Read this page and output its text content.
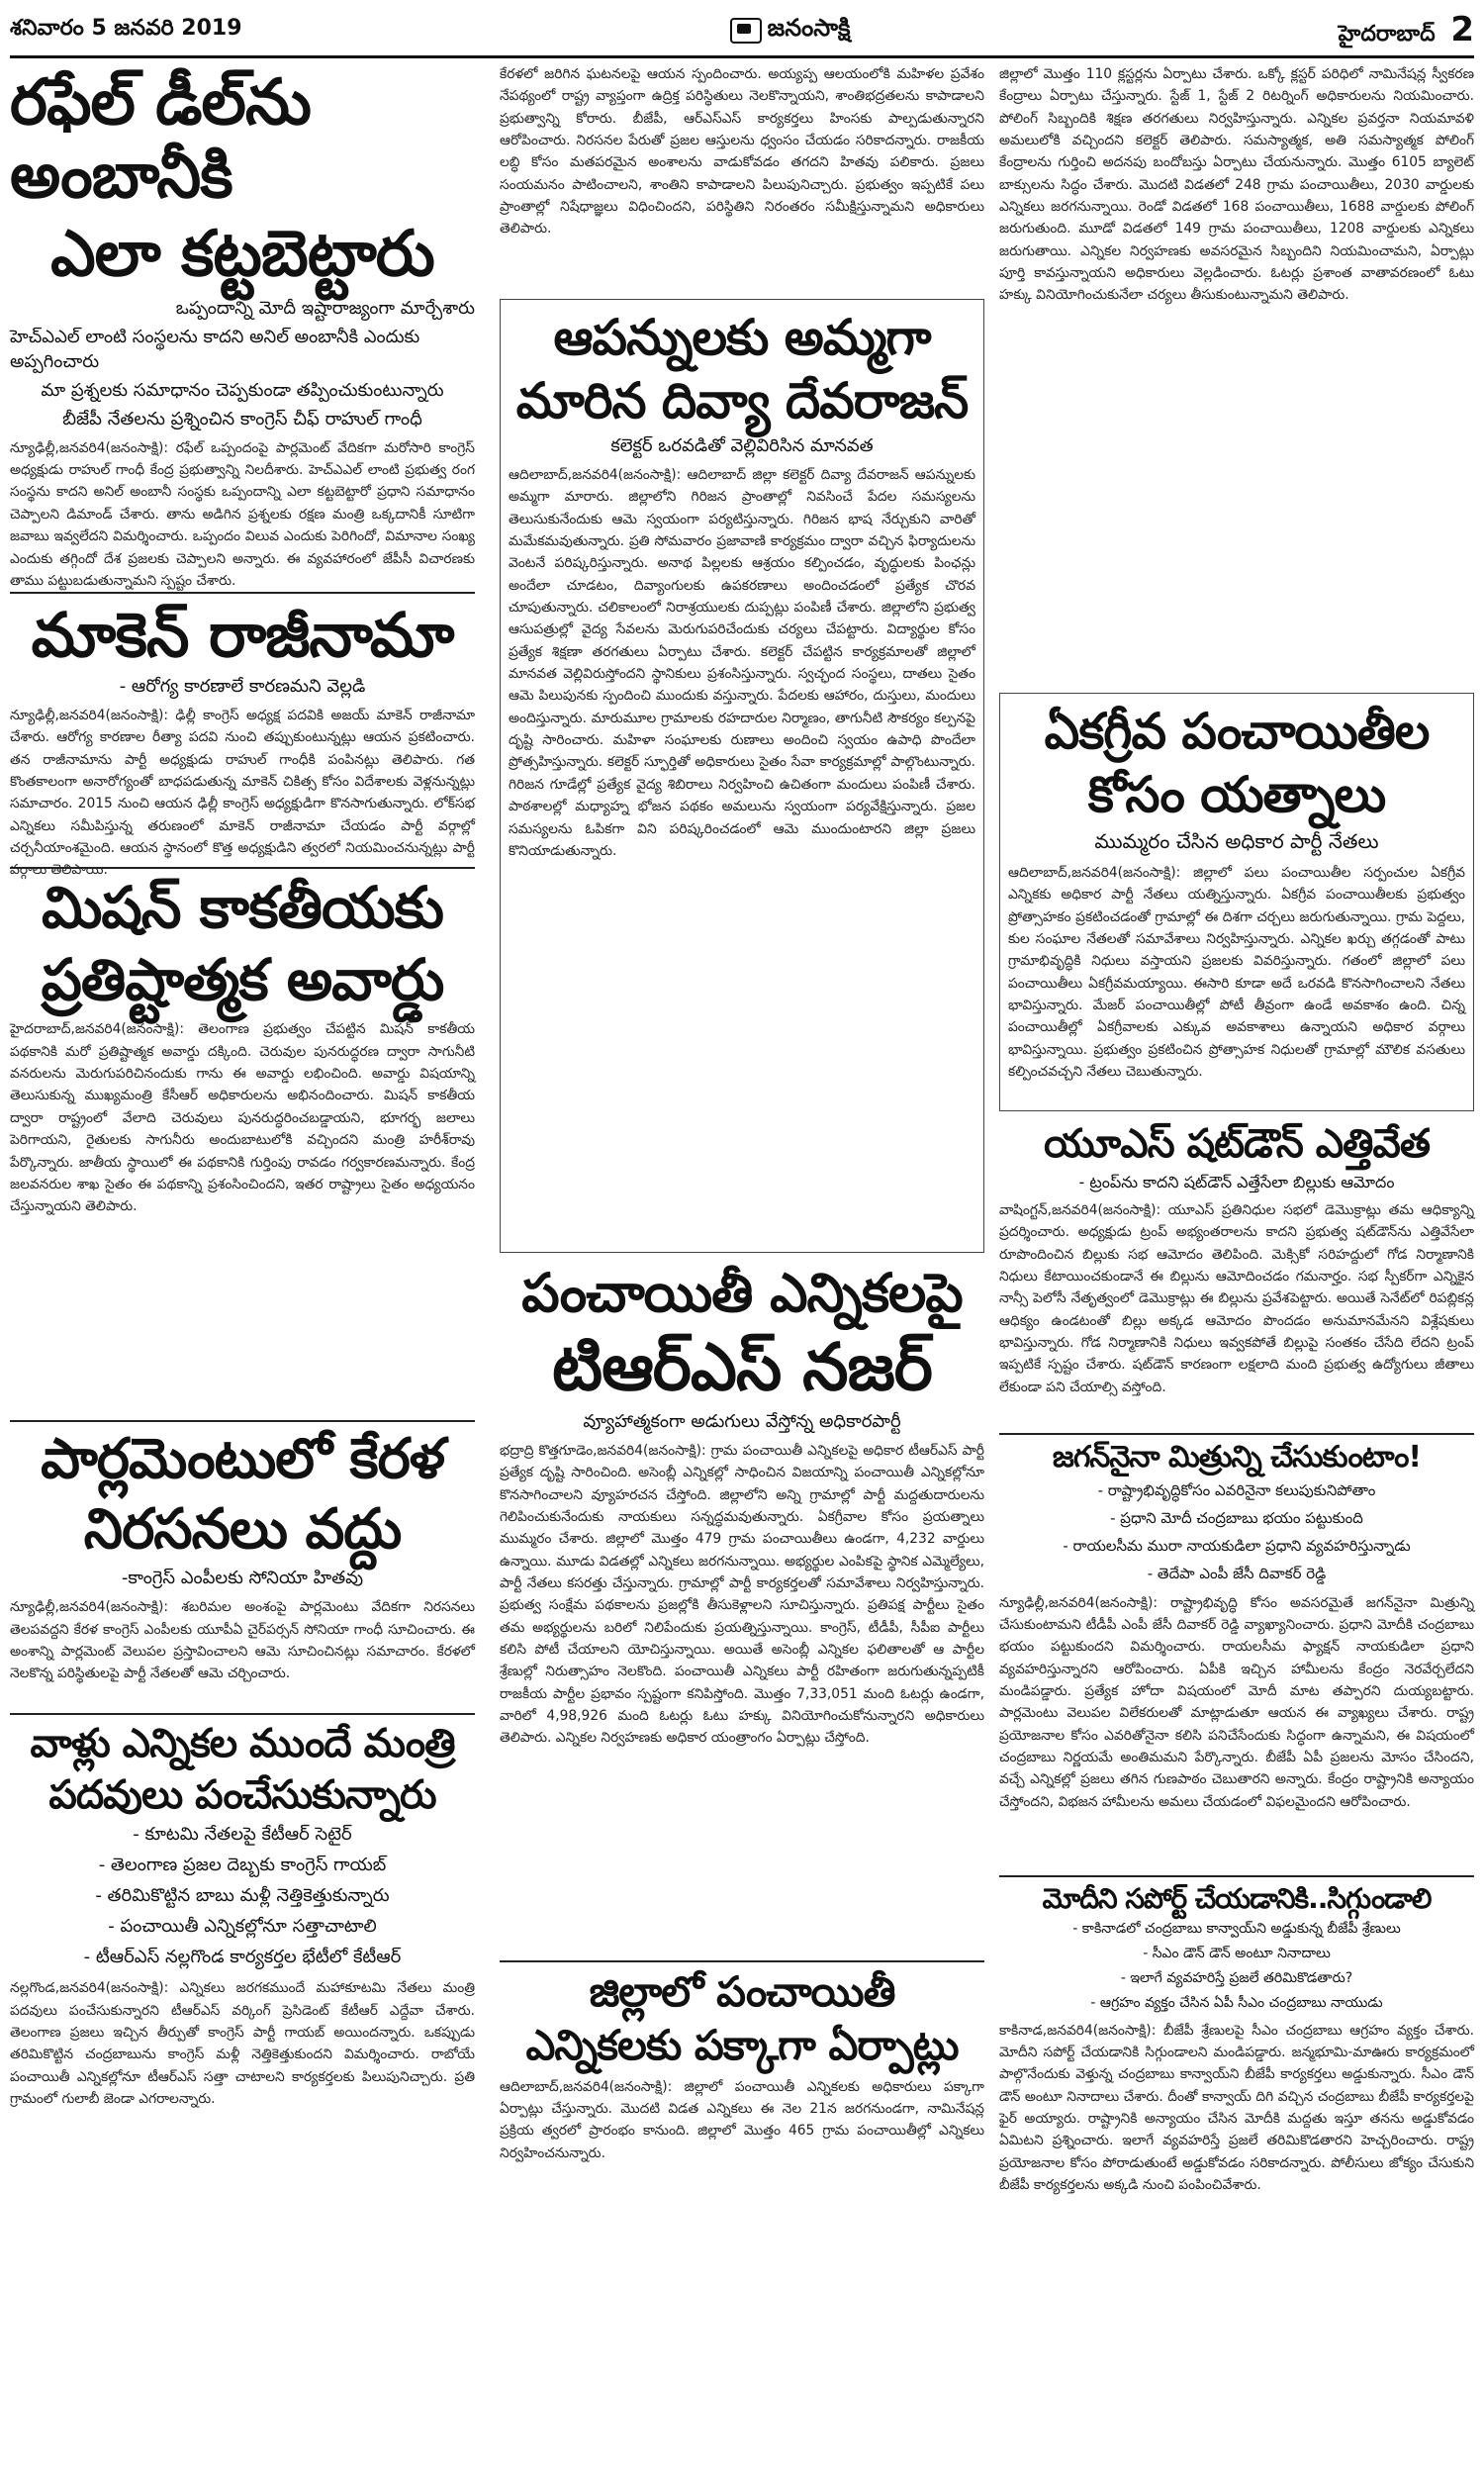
శనివారం 5 జనవరి 2019	జనంసాక్షి	హైదరాబాద్ 2
రఫేల్ డీల్‌ను అంబానీకి
ఎలా కట్టబెట్టారు
ఒప్పందాన్ని మోదీ ఇష్టారాజ్యంగా మార్చేశారు
హెచ్ఎఎల్ లాంటి సంస్థలను కాదని అనిల్ అంబానీకి ఎందుకు అప్పగించారు
మా ప్రశ్నలకు సమాధానం చెప్పకుండా తప్పించుకుంటున్నారు
బీజేపీ నేతలను ప్రశ్నించిన కాంగ్రెస్ చీఫ్ రాహుల్ గాంధీ

న్యూఢిల్లీ,జనవరి4(జనంసాక్షి): రఫేల్ ఒప్పందంపై పార్లమెంట్ వేదికగా మరోసారి కాంగ్రెస్ అధ్యక్షుడు రాహుల్ గాంధీ కేంద్ర ప్రభుత్వాన్ని నిలదీశారు. హెచ్ఎఎల్ లాంటి ప్రభుత్వ రంగ సంస్థను కాదని అనిల్ అంబానీ సంస్థకు ఒప్పందాన్ని ఎలా కట్టబెట్టారో ప్రధాని సమాధానం చెప్పాలని డిమాండ్ చేశారు. తాను అడిగిన ప్రశ్నలకు రక్షణ మంత్రి ఒక్కదానికీ సూటిగా జవాబు ఇవ్వలేదని విమర్శించారు. ఒప్పందం విలువ ఎందుకు పెరిగిందో, విమానాల సంఖ్య ఎందుకు తగ్గిందో దేశ ప్రజలకు చెప్పాలని అన్నారు. ఈ వ్యవహారంలో జేపీసీ విచారణకు తాము పట్టుబడుతున్నామని స్పష్టం చేశారు.

మాకెన్ రాజీనామా
- ఆరోగ్య కారణాలే కారణమని వెల్లడి

న్యూఢిల్లీ,జనవరి4(జనంసాక్షి): ఢిల్లీ కాంగ్రెస్ అధ్యక్ష పదవికి అజయ్ మాకెన్ రాజీనామా చేశారు. ఆరోగ్య కారణాల రీత్యా పదవి నుంచి తప్పుకుంటున్నట్లు ఆయన ప్రకటించారు. తన రాజీనామాను పార్టీ అధ్యక్షుడు రాహుల్ గాంధీకి పంపినట్లు తెలిపారు. గత కొంతకాలంగా అనారోగ్యంతో బాధపడుతున్న మాకెన్ చికిత్స కోసం విదేశాలకు వెళ్లనున్నట్లు సమాచారం. 2015 నుంచి ఆయన ఢిల్లీ కాంగ్రెస్ అధ్యక్షుడిగా కొనసాగుతున్నారు. లోక్‌సభ ఎన్నికలు సమీపిస్తున్న తరుణంలో మాకెన్ రాజీనామా చేయడం పార్టీ వర్గాల్లో చర్చనీయాంశమైంది. ఆయన స్థానంలో కొత్త అధ్యక్షుడిని త్వరలో నియమించనున్నట్లు పార్టీ వర్గాలు తెలిపాయి.

మిషన్ కాకతీయకు
ప్రతిష్టాత్మక అవార్డు

హైదరాబాద్,జనవరి4(జనంసాక్షి): తెలంగాణ ప్రభుత్వం చేపట్టిన మిషన్ కాకతీయ పథకానికి మరో ప్రతిష్టాత్మక అవార్డు దక్కింది. చెరువుల పునరుద్ధరణ ద్వారా సాగునీటి వనరులను మెరుగుపరిచినందుకు గాను ఈ అవార్డు లభించింది. అవార్డు విషయాన్ని తెలుసుకున్న ముఖ్యమంత్రి కేసీఆర్ అధికారులను అభినందించారు. మిషన్ కాకతీయ ద్వారా రాష్ట్రంలో వేలాది చెరువులు పునరుద్ధరించబడ్డాయని, భూగర్భ జలాలు పెరిగాయని, రైతులకు సాగునీరు అందుబాటులోకి వచ్చిందని మంత్రి హరీశ్‌రావు పేర్కొన్నారు. జాతీయ స్థాయిలో ఈ పథకానికి గుర్తింపు రావడం గర్వకారణమన్నారు. కేంద్ర జలవనరుల శాఖ సైతం ఈ పథకాన్ని ప్రశంసించిందని, ఇతర రాష్ట్రాలు సైతం అధ్యయనం చేస్తున్నాయని తెలిపారు.

పార్లమెంటులో కేరళ
నిరసనలు వద్దు
-కాంగ్రెస్ ఎంపీలకు సోనియా హితవు

న్యూఢిల్లీ,జనవరి4(జనంసాక్షి): శబరిమల అంశంపై పార్లమెంటు వేదికగా నిరసనలు తెలపవద్దని కేరళ కాంగ్రెస్ ఎంపీలకు యూపీఏ చైర్‌పర్సన్ సోనియా గాంధీ సూచించారు. ఈ అంశాన్ని పార్లమెంట్ వెలుపల ప్రస్తావించాలని ఆమె సూచించినట్లు సమాచారం. కేరళలో నెలకొన్న పరిస్థితులపై పార్టీ నేతలతో ఆమె చర్చించారు.

వాళ్లు ఎన్నికల ముందే మంత్రి
పదవులు పంచేసుకున్నారు
- కూటమి నేతలపై కేటీఆర్ సెటైర్
- తెలంగాణ ప్రజల దెబ్బకు కాంగ్రెస్ గాయబ్
- తరిమికొట్టిన బాబు మళ్లీ నెత్తికెత్తుకున్నారు
- పంచాయితీ ఎన్నికల్లోనూ సత్తాచాటాలి
- టీఆర్ఎస్ నల్లగొండ కార్యకర్తల భేటీలో కేటీఆర్

నల్లగొండ,జనవరి4(జనంసాక్షి): ఎన్నికలు జరగకముందే మహాకూటమి నేతలు మంత్రి పదవులు పంచేసుకున్నారని టీఆర్ఎస్ వర్కింగ్ ప్రెసిడెంట్ కేటీఆర్ ఎద్దేవా చేశారు. తెలంగాణ ప్రజలు ఇచ్చిన తీర్పుతో కాంగ్రెస్ పార్టీ గాయబ్ అయిందన్నారు. ఒకప్పుడు తరిమికొట్టిన చంద్రబాబును కాంగ్రెస్ మళ్లీ నెత్తికెత్తుకుందని విమర్శించారు. రాబోయే పంచాయితీ ఎన్నికల్లోనూ టీఆర్ఎస్ సత్తా చాటాలని కార్యకర్తలకు పిలుపునిచ్చారు. ప్రతి గ్రామంలో గులాబీ జెండా ఎగరాలన్నారు.

కేరళలో జరిగిన ఘటనలపై ఆయన స్పందించారు. అయ్యప్ప ఆలయంలోకి మహిళల ప్రవేశం నేపథ్యంలో రాష్ట్ర వ్యాప్తంగా ఉద్రిక్త పరిస్థితులు నెలకొన్నాయని, శాంతిభద్రతలను కాపాడాలని ప్రభుత్వాన్ని కోరారు. బీజేపీ, ఆర్ఎస్ఎస్ కార్యకర్తలు హింసకు పాల్పడుతున్నారని ఆరోపించారు. నిరసనల పేరుతో ప్రజల ఆస్తులను ధ్వంసం చేయడం సరికాదన్నారు. రాజకీయ లబ్ధి కోసం మతపరమైన అంశాలను వాడుకోవడం తగదని హితవు పలికారు. ప్రజలు సంయమనం పాటించాలని, శాంతిని కాపాడాలని పిలుపునిచ్చారు. ప్రభుత్వం ఇప్పటికే పలు ప్రాంతాల్లో నిషేధాజ్ఞలు విధించిందని, పరిస్థితిని నిరంతరం సమీక్షిస్తున్నామని అధికారులు తెలిపారు.

ఆపన్నులకు అమ్మగా
మారిన దివ్యా దేవరాజన్
కలెక్టర్ ఒరవడితో వెల్లివిరిసిన మానవత

ఆదిలాబాద్,జనవరి4(జనంసాక్షి): ఆదిలాబాద్ జిల్లా కలెక్టర్ దివ్యా దేవరాజన్ ఆపన్నులకు అమ్మగా మారారు. జిల్లాలోని గిరిజన ప్రాంతాల్లో నివసించే పేదల సమస్యలను తెలుసుకునేందుకు ఆమె స్వయంగా పర్యటిస్తున్నారు. గిరిజన భాష నేర్చుకుని వారితో మమేకమవుతున్నారు. ప్రతి సోమవారం ప్రజావాణి కార్యక్రమం ద్వారా వచ్చిన ఫిర్యాదులను వెంటనే పరిష్కరిస్తున్నారు. అనాథ పిల్లలకు ఆశ్రయం కల్పించడం, వృద్ధులకు పింఛన్లు అందేలా చూడటం, దివ్యాంగులకు ఉపకరణాలు అందించడంలో ప్రత్యేక చొరవ చూపుతున్నారు. చలికాలంలో నిరాశ్రయులకు దుప్పట్లు పంపిణీ చేశారు. జిల్లాలోని ప్రభుత్వ ఆసుపత్రుల్లో వైద్య సేవలను మెరుగుపరిచేందుకు చర్యలు చేపట్టారు. విద్యార్థుల కోసం ప్రత్యేక శిక్షణా తరగతులు ఏర్పాటు చేశారు. కలెక్టర్ చేపట్టిన కార్యక్రమాలతో జిల్లాలో మానవత వెల్లివిరుస్తోందని స్థానికులు ప్రశంసిస్తున్నారు. స్వచ్ఛంద సంస్థలు, దాతలు సైతం ఆమె పిలుపునకు స్పందించి ముందుకు వస్తున్నారు. పేదలకు ఆహారం, దుస్తులు, మందులు అందిస్తున్నారు. మారుమూల గ్రామాలకు రహదారుల నిర్మాణం, తాగునీటి సౌకర్యం కల్పనపై దృష్టి సారించారు. మహిళా సంఘాలకు రుణాలు అందించి స్వయం ఉపాధి పొందేలా ప్రోత్సహిస్తున్నారు. కలెక్టర్ స్ఫూర్తితో అధికారులు సైతం సేవా కార్యక్రమాల్లో పాల్గొంటున్నారు. గిరిజన గూడేల్లో ప్రత్యేక వైద్య శిబిరాలు నిర్వహించి ఉచితంగా మందులు పంపిణీ చేశారు. పాఠశాలల్లో మధ్యాహ్న భోజన పథకం అమలును స్వయంగా పర్యవేక్షిస్తున్నారు. ప్రజల సమస్యలను ఓపికగా విని పరిష్కరించడంలో ఆమె ముందుంటారని జిల్లా ప్రజలు కొనియాడుతున్నారు.

పంచాయితీ ఎన్నికలపై
టిఆర్ఎస్ నజర్
వ్యూహాత్మకంగా అడుగులు వేస్తోన్న అధికారపార్టీ

భద్రాద్రి కొత్తగూడెం,జనవరి4(జనంసాక్షి): గ్రామ పంచాయితీ ఎన్నికలపై అధికార టీఆర్ఎస్ పార్టీ ప్రత్యేక దృష్టి సారించింది. అసెంబ్లీ ఎన్నికల్లో సాధించిన విజయాన్ని పంచాయితీ ఎన్నికల్లోనూ కొనసాగించాలని వ్యూహరచన చేస్తోంది. జిల్లాలోని అన్ని గ్రామాల్లో పార్టీ మద్దతుదారులను గెలిపించుకునేందుకు నాయకులు సన్నద్ధమవుతున్నారు. ఏకగ్రీవాల కోసం ప్రయత్నాలు ముమ్మరం చేశారు. జిల్లాలో మొత్తం 479 గ్రామ పంచాయితీలు ఉండగా, 4,232 వార్డులు ఉన్నాయి. మూడు విడతల్లో ఎన్నికలు జరగనున్నాయి. అభ్యర్థుల ఎంపికపై స్థానిక ఎమ్మెల్యేలు, పార్టీ నేతలు కసరత్తు చేస్తున్నారు. గ్రామాల్లో పార్టీ కార్యకర్తలతో సమావేశాలు నిర్వహిస్తున్నారు. ప్రభుత్వ సంక్షేమ పథకాలను ప్రజల్లోకి తీసుకెళ్లాలని సూచిస్తున్నారు. ప్రతిపక్ష పార్టీలు సైతం తమ అభ్యర్థులను బరిలో నిలిపేందుకు ప్రయత్నిస్తున్నాయి. కాంగ్రెస్, టీడీపీ, సీపీఐ పార్టీలు కలిసి పోటీ చేయాలని యోచిస్తున్నాయి. అయితే అసెంబ్లీ ఎన్నికల ఫలితాలతో ఆ పార్టీల శ్రేణుల్లో నిరుత్సాహం నెలకొంది. పంచాయితీ ఎన్నికలు పార్టీ రహితంగా జరుగుతున్నప్పటికీ రాజకీయ పార్టీల ప్రభావం స్పష్టంగా కనిపిస్తోంది. మొత్తం 7,33,051 మంది ఓటర్లు ఉండగా, వారిలో 4,98,926 మంది ఓటర్లు ఓటు హక్కు వినియోగించుకోనున్నారని అధికారులు తెలిపారు. ఎన్నికల నిర్వహణకు అధికార యంత్రాంగం ఏర్పాట్లు చేస్తోంది.

జిల్లాలో పంచాయితీ
ఎన్నికలకు పక్కాగా ఏర్పాట్లు

ఆదిలాబాద్,జనవరి4(జనంసాక్షి): జిల్లాలో పంచాయితీ ఎన్నికలకు అధికారులు పక్కాగా ఏర్పాట్లు చేస్తున్నారు. మొదటి విడత ఎన్నికలు ఈ నెల 21న జరగనుండగా, నామినేషన్ల ప్రక్రియ త్వరలో ప్రారంభం కానుంది. జిల్లాలో మొత్తం 465 గ్రామ పంచాయితీల్లో ఎన్నికలు నిర్వహించనున్నారు.

జిల్లాలో మొత్తం 110 క్లస్టర్లను ఏర్పాటు చేశారు. ఒక్కో క్లస్టర్ పరిధిలో నామినేషన్ల స్వీకరణ కేంద్రాలు ఏర్పాటు చేస్తున్నారు. స్టేజ్ 1, స్టేజ్ 2 రిటర్నింగ్ అధికారులను నియమించారు. పోలింగ్ సిబ్బందికి శిక్షణ తరగతులు నిర్వహిస్తున్నారు. ఎన్నికల ప్రవర్తనా నియమావళి అమలులోకి వచ్చిందని కలెక్టర్ తెలిపారు. సమస్యాత్మక, అతి సమస్యాత్మక పోలింగ్ కేంద్రాలను గుర్తించి అదనపు బందోబస్తు ఏర్పాటు చేయనున్నారు. మొత్తం 6105 బ్యాలెట్ బాక్సులను సిద్ధం చేశారు. మొదటి విడతలో 248 గ్రామ పంచాయితీలు, 2030 వార్డులకు ఎన్నికలు జరగనున్నాయి. రెండో విడతలో 168 పంచాయితీలు, 1688 వార్డులకు పోలింగ్ జరుగుతుంది. మూడో విడతలో 149 గ్రామ పంచాయితీలు, 1208 వార్డులకు ఎన్నికలు జరుగుతాయి. ఎన్నికల నిర్వహణకు అవసరమైన సిబ్బందిని నియమించామని, ఏర్పాట్లు పూర్తి కావస్తున్నాయని అధికారులు వెల్లడించారు. ఓటర్లు ప్రశాంత వాతావరణంలో ఓటు హక్కు వినియోగించుకునేలా చర్యలు తీసుకుంటున్నామని తెలిపారు.

ఏకగ్రీవ పంచాయితీల
కోసం యత్నాలు
ముమ్మరం చేసిన అధికార పార్టీ నేతలు

ఆదిలాబాద్,జనవరి4(జనంసాక్షి): జిల్లాలో పలు పంచాయితీల సర్పంచుల ఏకగ్రీవ ఎన్నికకు అధికార పార్టీ నేతలు యత్నిస్తున్నారు. ఏకగ్రీవ పంచాయితీలకు ప్రభుత్వం ప్రోత్సాహకం ప్రకటించడంతో గ్రామాల్లో ఈ దిశగా చర్చలు జరుగుతున్నాయి. గ్రామ పెద్దలు, కుల సంఘాల నేతలతో సమావేశాలు నిర్వహిస్తున్నారు. ఎన్నికల ఖర్చు తగ్గడంతో పాటు గ్రామాభివృద్ధికి నిధులు వస్తాయని ప్రజలకు వివరిస్తున్నారు. గతంలో జిల్లాలో పలు పంచాయితీలు ఏకగ్రీవమయ్యాయి. ఈసారి కూడా అదే ఒరవడి కొనసాగించాలని నేతలు భావిస్తున్నారు. మేజర్ పంచాయితీల్లో పోటీ తీవ్రంగా ఉండే అవకాశం ఉంది. చిన్న పంచాయితీల్లో ఏకగ్రీవాలకు ఎక్కువ అవకాశాలు ఉన్నాయని అధికార వర్గాలు భావిస్తున్నాయి. ప్రభుత్వం ప్రకటించిన ప్రోత్సాహక నిధులతో గ్రామాల్లో మౌలిక వసతులు కల్పించవచ్చని నేతలు చెబుతున్నారు.

యూఎస్ షట్‌డౌన్ ఎత్తివేత
- ట్రంప్‌ను కాదని షట్‌డౌన్ ఎత్తేసేలా బిల్లుకు ఆమోదం

వాషింగ్టన్,జనవరి4(జనంసాక్షి): యూఎస్ ప్రతినిధుల సభలో డెమొక్రాట్లు తమ ఆధిక్యాన్ని ప్రదర్శించారు. అధ్యక్షుడు ట్రంప్ అభ్యంతరాలను కాదని ప్రభుత్వ షట్‌డౌన్‌ను ఎత్తివేసేలా రూపొందించిన బిల్లుకు సభ ఆమోదం తెలిపింది. మెక్సికో సరిహద్దులో గోడ నిర్మాణానికి నిధులు కేటాయించకుండానే ఈ బిల్లును ఆమోదించడం గమనార్హం. సభ స్పీకర్‌గా ఎన్నికైన నాన్సీ పెలోసీ నేతృత్వంలో డెమొక్రాట్లు ఈ బిల్లును ప్రవేశపెట్టారు. అయితే సెనేట్‌లో రిపబ్లికన్ల ఆధిక్యం ఉండటంతో బిల్లు అక్కడ ఆమోదం పొందడం అనుమానమేనని విశ్లేషకులు భావిస్తున్నారు. గోడ నిర్మాణానికి నిధులు ఇవ్వకపోతే బిల్లుపై సంతకం చేసేది లేదని ట్రంప్ ఇప్పటికే స్పష్టం చేశారు. షట్‌డౌన్ కారణంగా లక్షలాది మంది ప్రభుత్వ ఉద్యోగులు జీతాలు లేకుండా పని చేయాల్సి వస్తోంది.

జగన్‌నైనా మిత్రున్ని చేసుకుంటాం!
- రాష్ట్రాభివృద్ధికోసం ఎవరినైనా కలుపుకునిపోతాం
- ప్రధాని మోదీ చంద్రబాబు భయం పట్టుకుంది
- రాయలసీమ మురా నాయకుడిలా ప్రధాని వ్యవహరిస్తున్నాడు
- తెదేపా ఎంపీ జేసీ దివాకర్ రెడ్డి

న్యూఢిల్లీ,జనవరి4(జనంసాక్షి): రాష్ట్రాభివృద్ధి కోసం అవసరమైతే జగన్‌నైనా మిత్రున్ని చేసుకుంటామని టీడీపీ ఎంపీ జేసీ దివాకర్ రెడ్డి వ్యాఖ్యానించారు. ప్రధాని మోదీకి చంద్రబాబు భయం పట్టుకుందని విమర్శించారు. రాయలసీమ ఫ్యాక్షన్ నాయకుడిలా ప్రధాని వ్యవహరిస్తున్నారని ఆరోపించారు. ఏపీకి ఇచ్చిన హామీలను కేంద్రం నెరవేర్చలేదని మండిపడ్డారు. ప్రత్యేక హోదా విషయంలో మోదీ మాట తప్పారని దుయ్యబట్టారు. పార్లమెంటు వెలుపల విలేకరులతో మాట్లాడుతూ ఆయన ఈ వ్యాఖ్యలు చేశారు. రాష్ట్ర ప్రయోజనాల కోసం ఎవరితోనైనా కలిసి పనిచేసేందుకు సిద్ధంగా ఉన్నామని, ఈ విషయంలో చంద్రబాబు నిర్ణయమే అంతిమమని పేర్కొన్నారు. బీజేపీ ఏపీ ప్రజలను మోసం చేసిందని, వచ్చే ఎన్నికల్లో ప్రజలు తగిన గుణపాఠం చెబుతారని అన్నారు. కేంద్రం రాష్ట్రానికి అన్యాయం చేస్తోందని, విభజన హామీలను అమలు చేయడంలో విఫలమైందని ఆరోపించారు.

మోదీని సపోర్ట్ చేయడానికి..సిగ్గుండాలి
- కాకినాడలో చంద్రబాబు కాన్వాయ్‌ని అడ్డుకున్న బీజేపీ శ్రేణులు
- సీఎం డౌన్ డౌన్ అంటూ నినాదాలు
- ఇలాగే వ్యవహరిస్తే ప్రజలే తరిమికొడతారు?
- ఆగ్రహం వ్యక్తం చేసిన ఏపీ సీఎం చంద్రబాబు నాయుడు

కాకినాడ,జనవరి4(జనంసాక్షి): బీజేపీ శ్రేణులపై సీఎం చంద్రబాబు ఆగ్రహం వ్యక్తం చేశారు. మోదీని సపోర్ట్ చేయడానికి సిగ్గుండాలని మండిపడ్డారు. జన్మభూమి-మాఊరు కార్యక్రమంలో పాల్గొనేందుకు వెళ్తున్న చంద్రబాబు కాన్వాయ్‌ని బీజేపీ కార్యకర్తలు అడ్డుకున్నారు. సీఎం డౌన్ డౌన్ అంటూ నినాదాలు చేశారు. దీంతో కాన్వాయ్ దిగి వచ్చిన చంద్రబాబు బీజేపీ కార్యకర్తలపై ఫైర్ అయ్యారు. రాష్ట్రానికి అన్యాయం చేసిన మోదీకి మద్దతు ఇస్తూ తనను అడ్డుకోవడం ఏమిటని ప్రశ్నించారు. ఇలాగే వ్యవహరిస్తే ప్రజలే తరిమికొడతారని హెచ్చరించారు. రాష్ట్ర ప్రయోజనాల కోసం పోరాడుతుంటే అడ్డుకోవడం సరికాదన్నారు. పోలీసులు జోక్యం చేసుకుని బీజేపీ కార్యకర్తలను అక్కడి నుంచి పంపించివేశారు.
